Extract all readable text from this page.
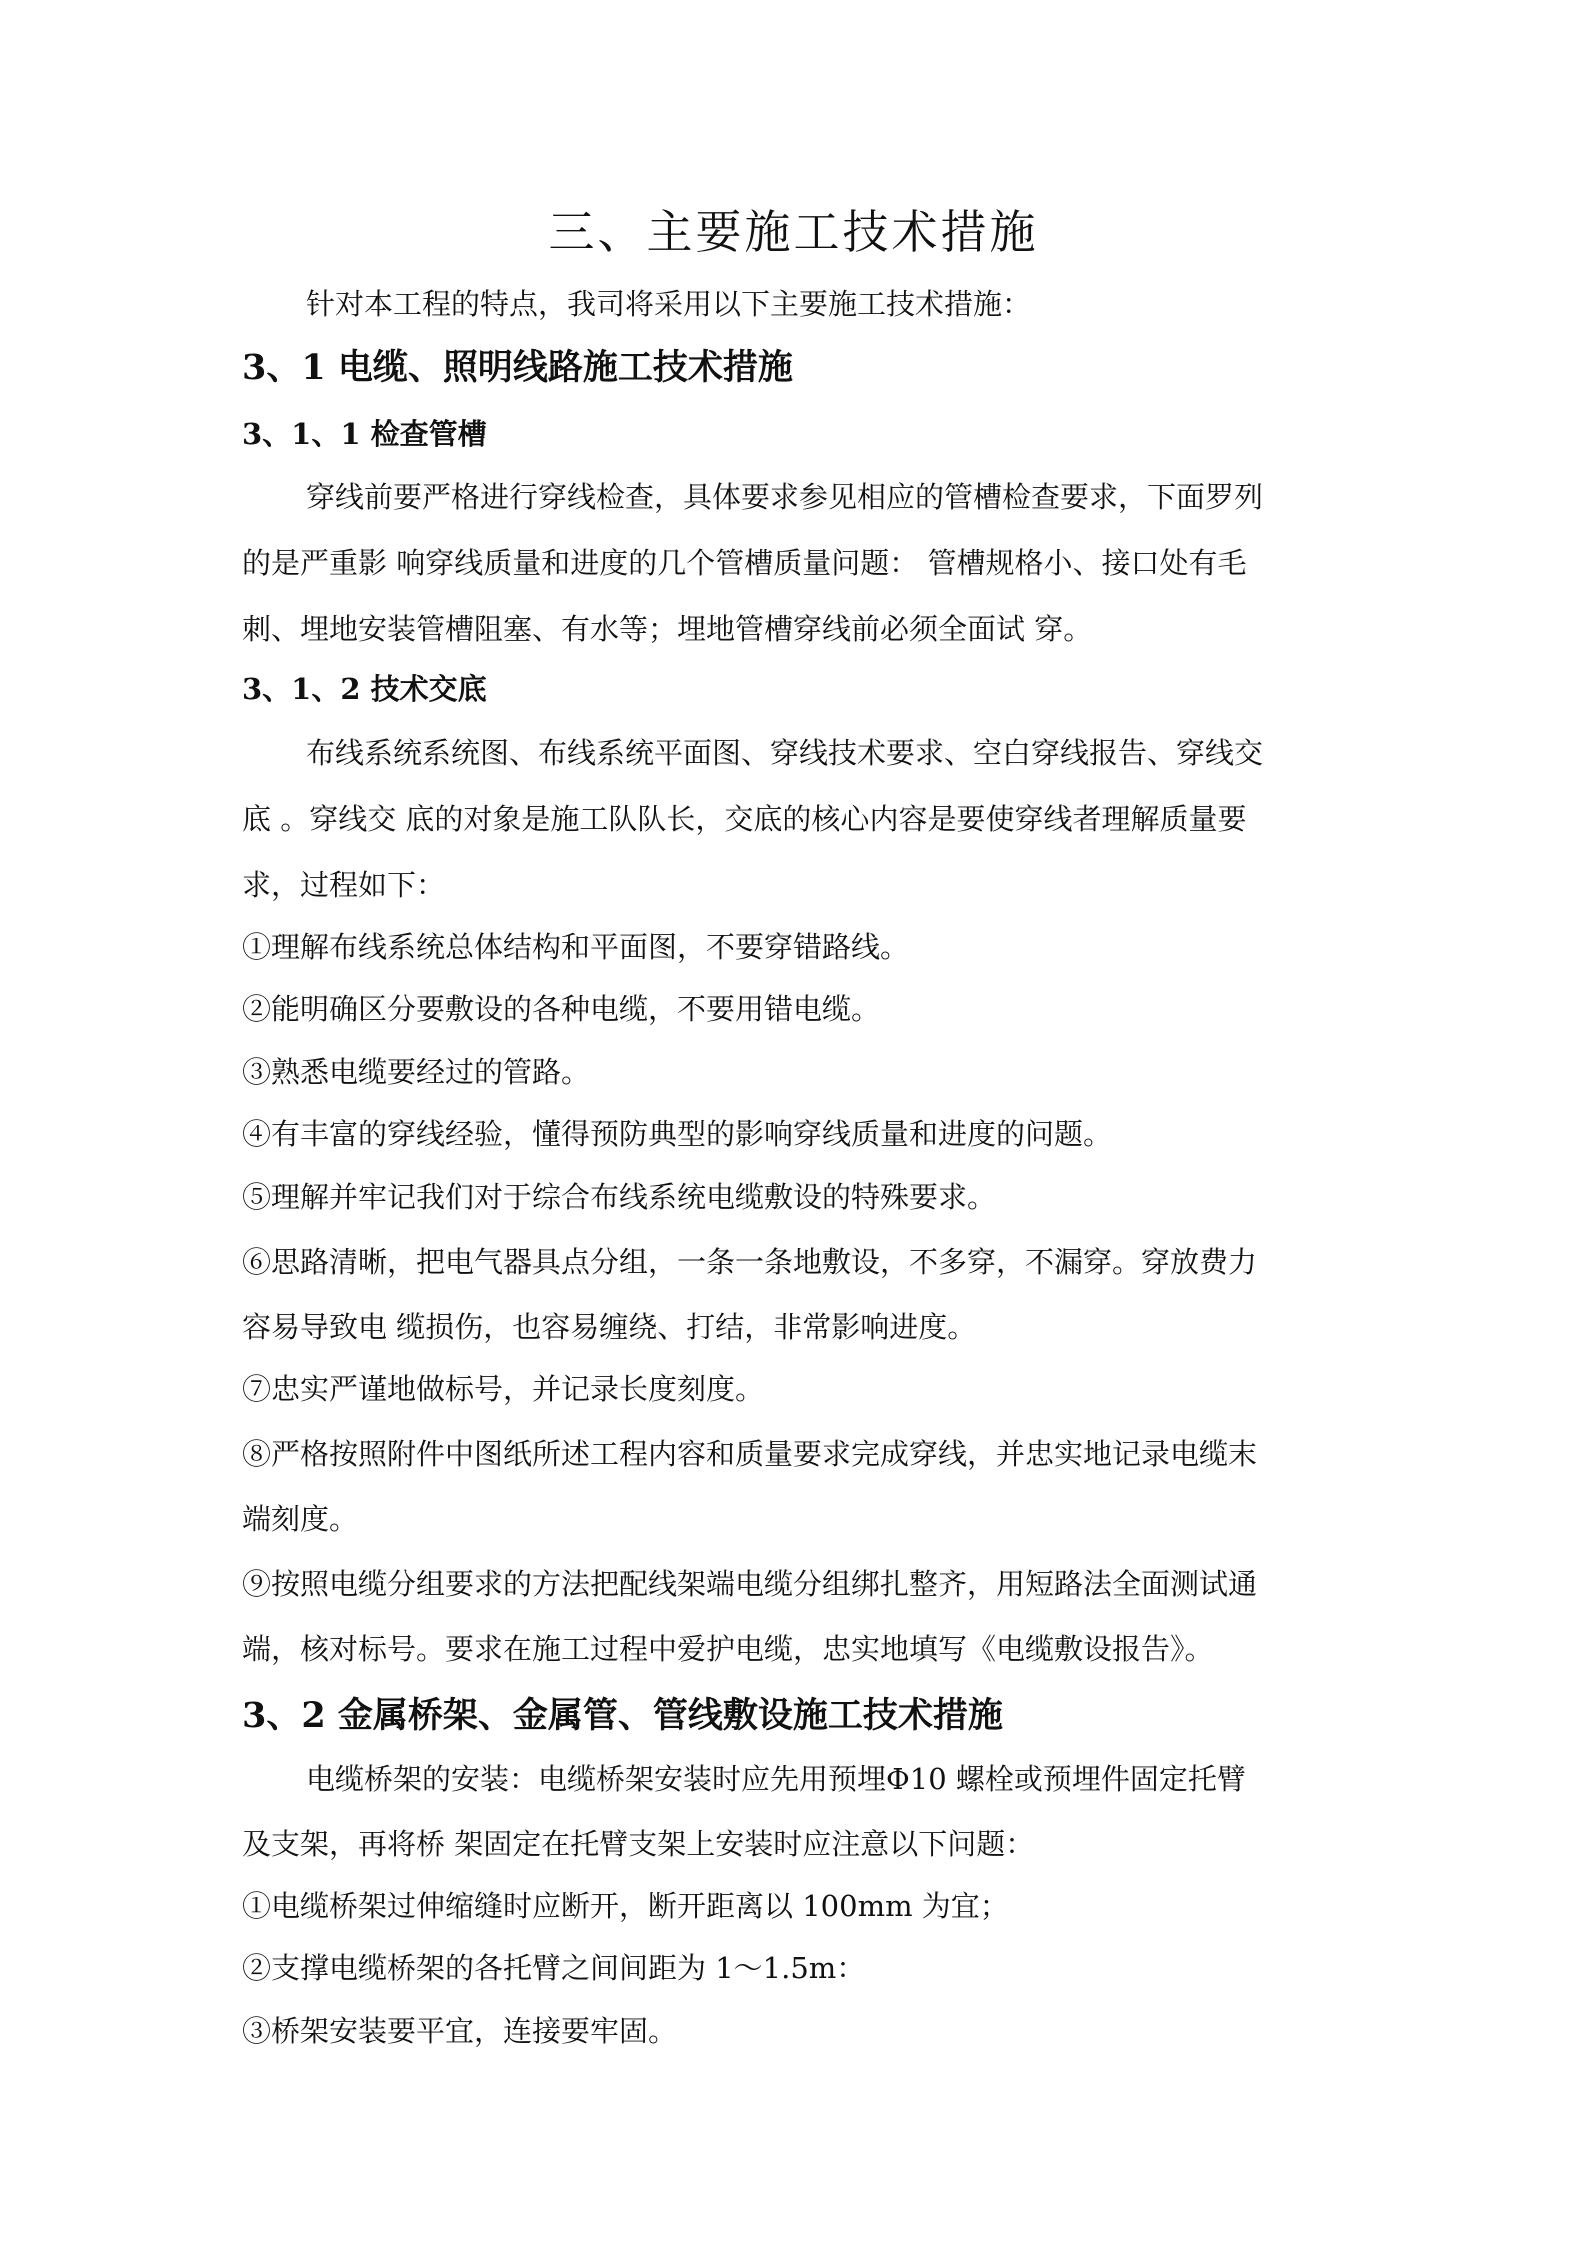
三、主要施工技术措施

针对本工程的特点，我司将采用以下主要施工技术措施：

3、1 电缆、照明线路施工技术措施
3、1、1 检查管槽

穿线前要严格进行穿线检查，具体要求参见相应的管槽检查要求，下面罗列

的是严重影 响穿线质量和进度的几个管槽质量问题： 管槽规格小、接口处有毛

刺、埋地安装管槽阻塞、有水等；埋地管槽穿线前必须全面试 穿。

3、1、2 技术交底

布线系统系统图、布线系统平面图、穿线技术要求、空白穿线报告、穿线交

底 。穿线交 底的对象是施工队队长，交底的核心内容是要使穿线者理解质量要

求，过程如下：

①理解布线系统总体结构和平面图，不要穿错路线。

②能明确区分要敷设的各种电缆，不要用错电缆。

③熟悉电缆要经过的管路。

④有丰富的穿线经验，懂得预防典型的影响穿线质量和进度的问题。

⑤理解并牢记我们对于综合布线系统电缆敷设的特殊要求。

⑥思路清晰，把电气器具点分组，一条一条地敷设，不多穿，不漏穿。穿放费力

容易导致电 缆损伤，也容易缠绕、打结，非常影响进度。

⑦忠实严谨地做标号，并记录长度刻度。

⑧严格按照附件中图纸所述工程内容和质量要求完成穿线，并忠实地记录电缆末

端刻度。

⑨按照电缆分组要求的方法把配线架端电缆分组绑扎整齐，用短路法全面测试通

端，核对标号。要求在施工过程中爱护电缆，忠实地填写《电缆敷设报告》。

3、2 金属桥架、金属管、管线敷设施工技术措施

电缆桥架的安装：电缆桥架安装时应先用预埋Φ10 螺栓或预埋件固定托臂

及支架，再将桥 架固定在托臂支架上安装时应注意以下问题：

①电缆桥架过伸缩缝时应断开，断开距离以 100mm 为宜；

②支撑电缆桥架的各托臂之间间距为 1～1.5m：

③桥架安装要平宜，连接要牢固。
